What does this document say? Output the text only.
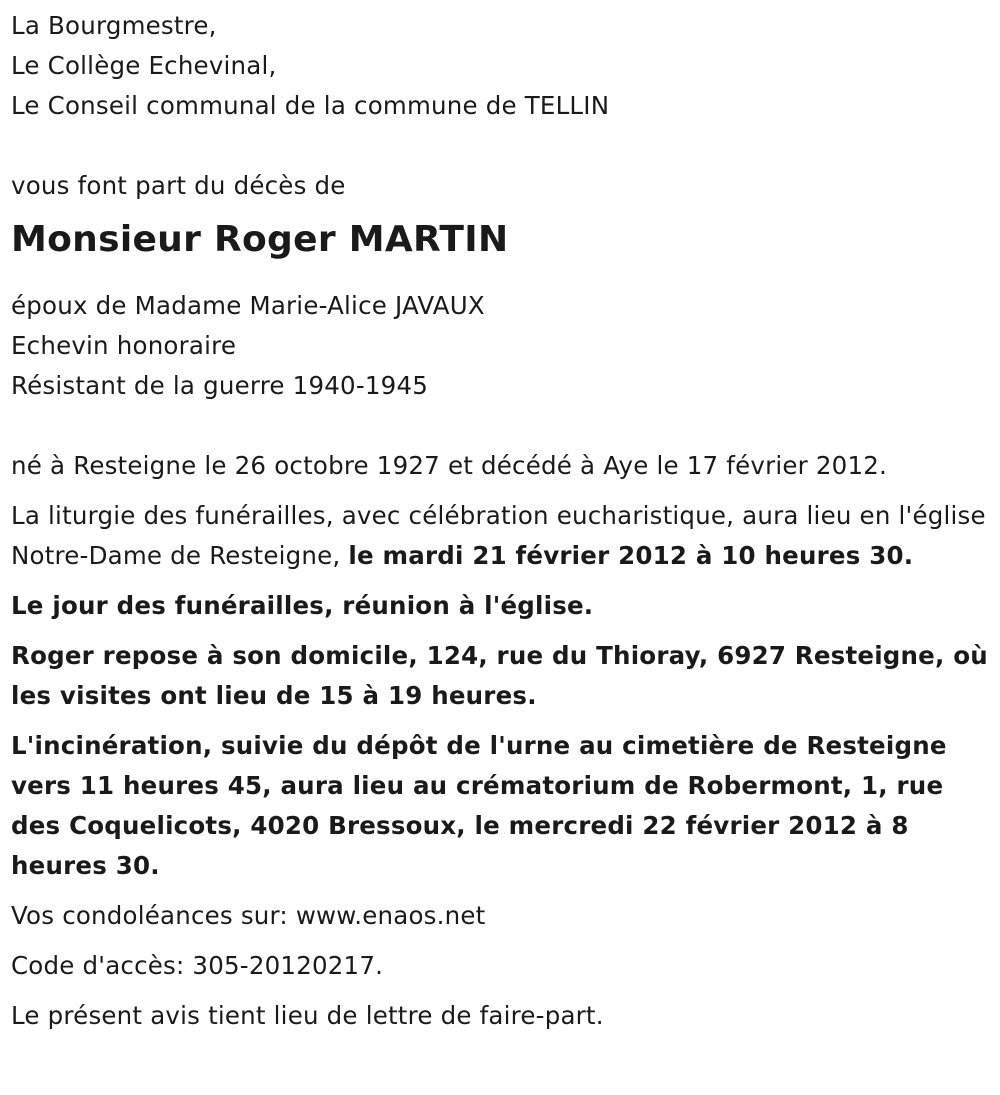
La Bourgmestre,
Le Collège Echevinal,
Le Conseil communal de la commune de TELLIN
vous font part du décès de
Monsieur Roger MARTIN
époux de Madame Marie-Alice JAVAUX
Echevin honoraire
Résistant de la guerre 1940-1945

né à Resteigne le 26 octobre 1927 et décédé à Aye le 17 février 2012.

La liturgie des funérailles, avec célébration eucharistique, aura lieu en l'église Notre-Dame de Resteigne, le mardi 21 février 2012 à 10 heures 30.

Le jour des funérailles, réunion à l'église.

Roger repose à son domicile, 124, rue du Thioray, 6927 Resteigne, où les visites ont lieu de 15 à 19 heures.

L'incinération, suivie du dépôt de l'urne au cimetière de Resteigne vers 11 heures 45, aura lieu au crématorium de Robermont, 1, rue des Coquelicots, 4020 Bressoux, le mercredi 22 février 2012 à 8 heures 30.

Vos condoléances sur: www.enaos.net

Code d'accès: 305-20120217.

Le présent avis tient lieu de lettre de faire-part.
